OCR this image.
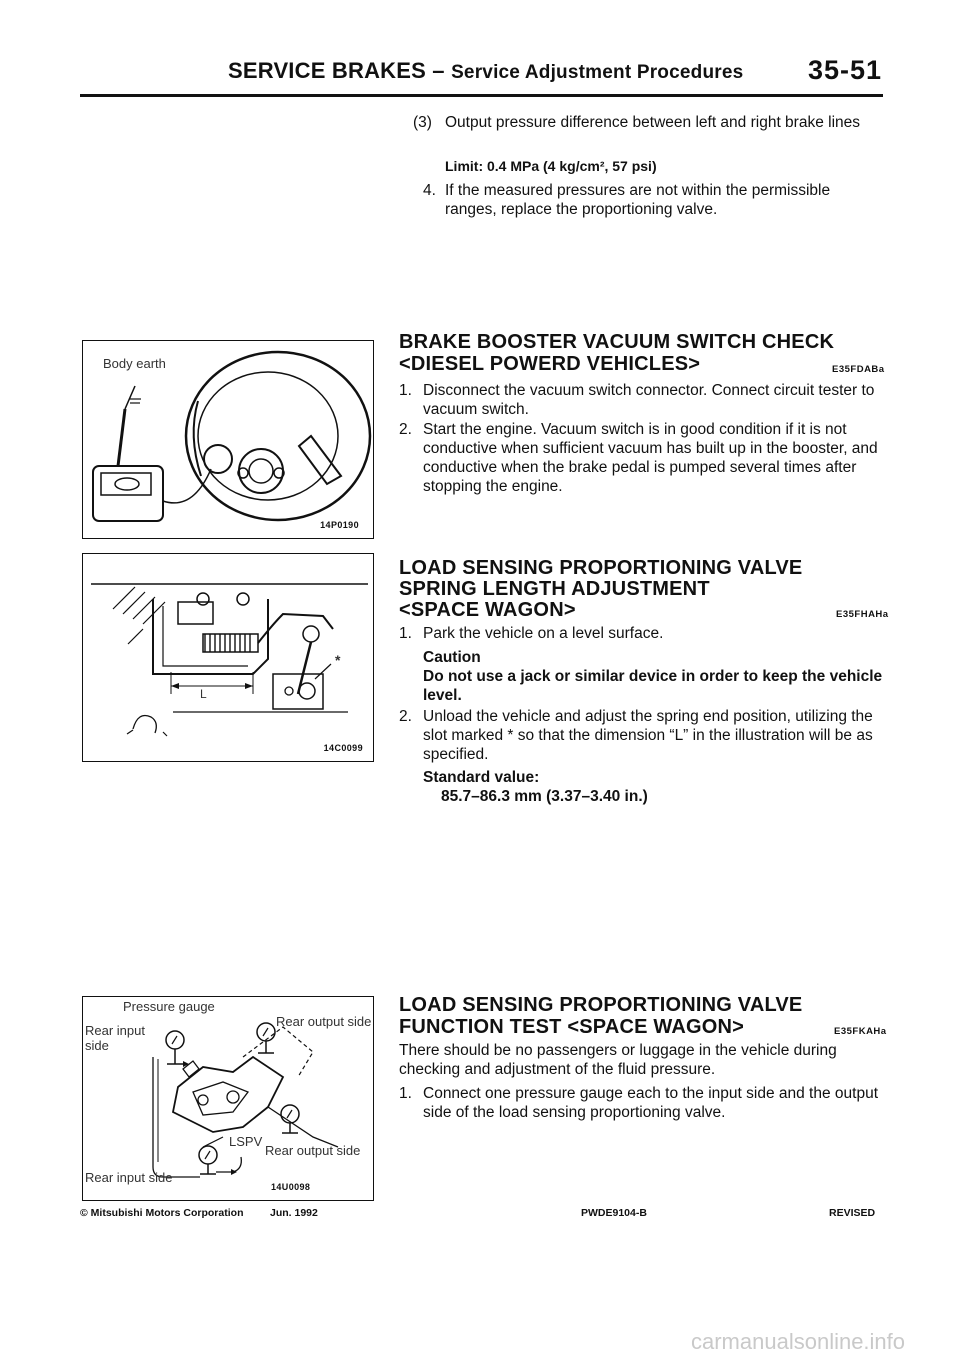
SERVICE BRAKES – Service Adjustment Procedures 35-51
(3) Output pressure difference between left and right brake lines
Limit: 0.4 MPa (4 kg/cm², 57 psi)
4. If the measured pressures are not within the permissible ranges, replace the proportioning valve.
BRAKE BOOSTER VACUUM SWITCH CHECK
<DIESEL POWERD VEHICLES>	E35FDABa
1. Disconnect the vacuum switch connector. Connect circuit tester to vacuum switch.
2. Start the engine. Vacuum switch is in good condition if it is not conductive when sufficient vacuum has built up in the booster, and conductive when the brake pedal is pumped several times after stopping the engine.
Body earth
14P0190
LOAD SENSING PROPORTIONING VALVE
SPRING LENGTH ADJUSTMENT
<SPACE WAGON>	E35FHAHa
1. Park the vehicle on a level surface.
Caution
Do not use a jack or similar device in order to keep the vehicle level.
2. Unload the vehicle and adjust the spring end position, utilizing the slot marked * so that the dimension “L” in the illustration will be as specified.
Standard value:
85.7–86.3 mm (3.37–3.40 in.)
L
*
14C0099
LOAD SENSING PROPORTIONING VALVE
FUNCTION TEST <SPACE WAGON>	E35FKAHa
There should be no passengers or luggage in the vehicle during checking and adjustment of the fluid pressure.
1. Connect one pressure gauge each to the input side and the output side of the load sensing proportioning valve.
Pressure gauge
Rear input
side
Rear output side
LSPV
Rear output side
Rear input side
14U0098
© Mitsubishi Motors Corporation	Jun. 1992	PWDE9104-B	REVISED
carmanualsonline.info
